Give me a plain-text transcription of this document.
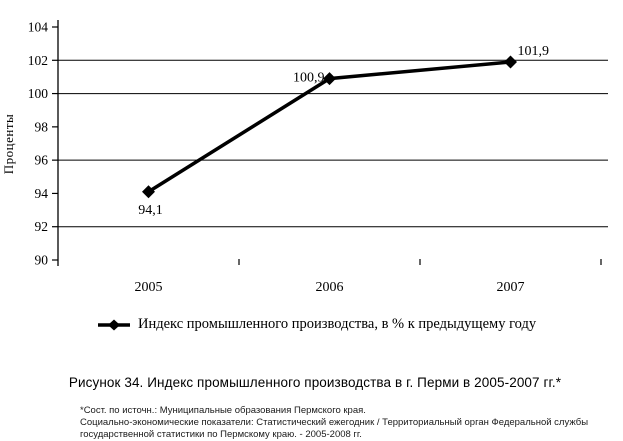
Проценты
90
92
94
96
98
100
102
104
2005	2006	2007
94,1
100,9
101,9
Индекс промышленного производства, в % к предыдущему году
Рисунок 34. Индекс промышленного производства в г. Перми в 2005-2007 гг.*
*Сост. по источн.: Муниципальные образования Пермского края.
Социально-экономические показатели: Статистический ежегодник / Территориальный орган Федеральной службы
государственной статистики по Пермскому краю. - 2005-2008 гг.
